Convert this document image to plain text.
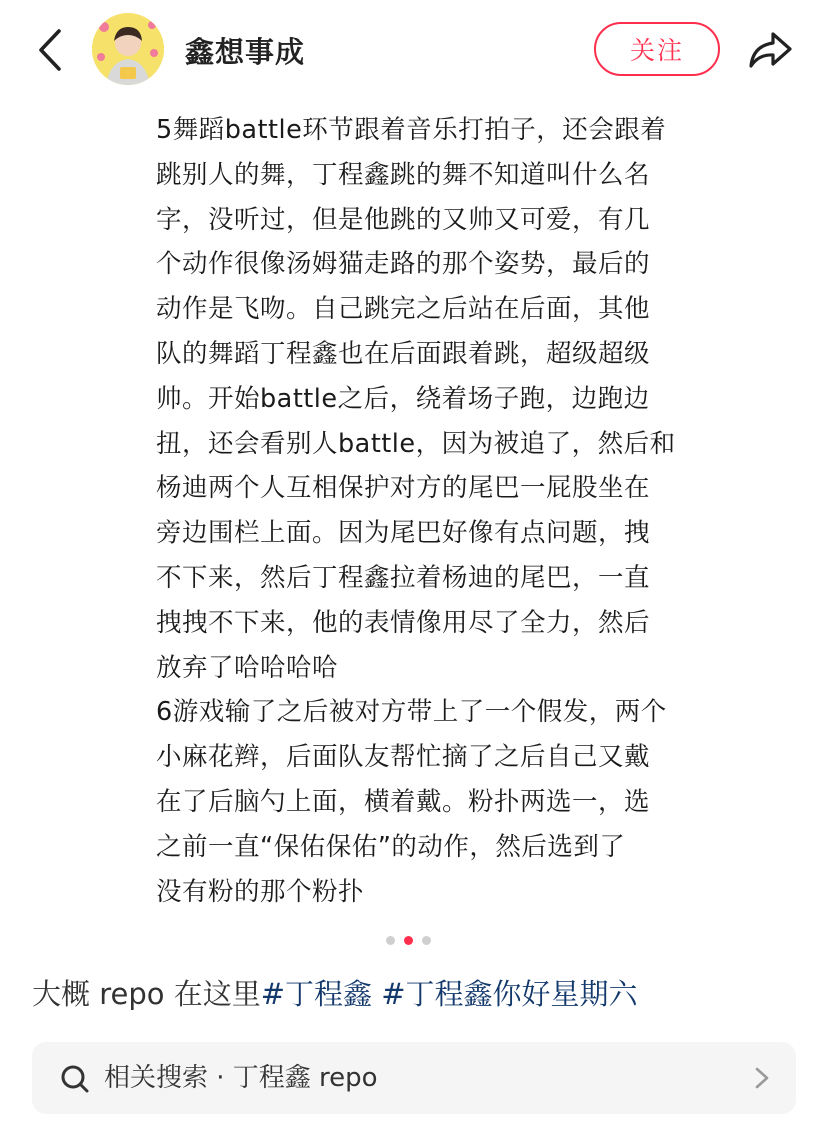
鑫想事成	关注
5舞蹈battle环节跟着音乐打拍子，还会跟着
跳别人的舞，丁程鑫跳的舞不知道叫什么名
字，没听过，但是他跳的又帅又可爱，有几
个动作很像汤姆猫走路的那个姿势，最后的
动作是飞吻。自己跳完之后站在后面，其他
队的舞蹈丁程鑫也在后面跟着跳，超级超级
帅。开始battle之后，绕着场子跑，边跑边
扭，还会看别人battle，因为被追了，然后和
杨迪两个人互相保护对方的尾巴一屁股坐在
旁边围栏上面。因为尾巴好像有点问题，拽
不下来，然后丁程鑫拉着杨迪的尾巴，一直
拽拽不下来，他的表情像用尽了全力，然后
放弃了哈哈哈哈
6游戏输了之后被对方带上了一个假发，两个
小麻花辫，后面队友帮忙摘了之后自己又戴
在了后脑勺上面，横着戴。粉扑两选一，选
之前一直“保佑保佑”的动作，然后选到了
没有粉的那个粉扑
大概 repo 在这里#丁程鑫 #丁程鑫你好星期六
相关搜索 · 丁程鑫 repo
